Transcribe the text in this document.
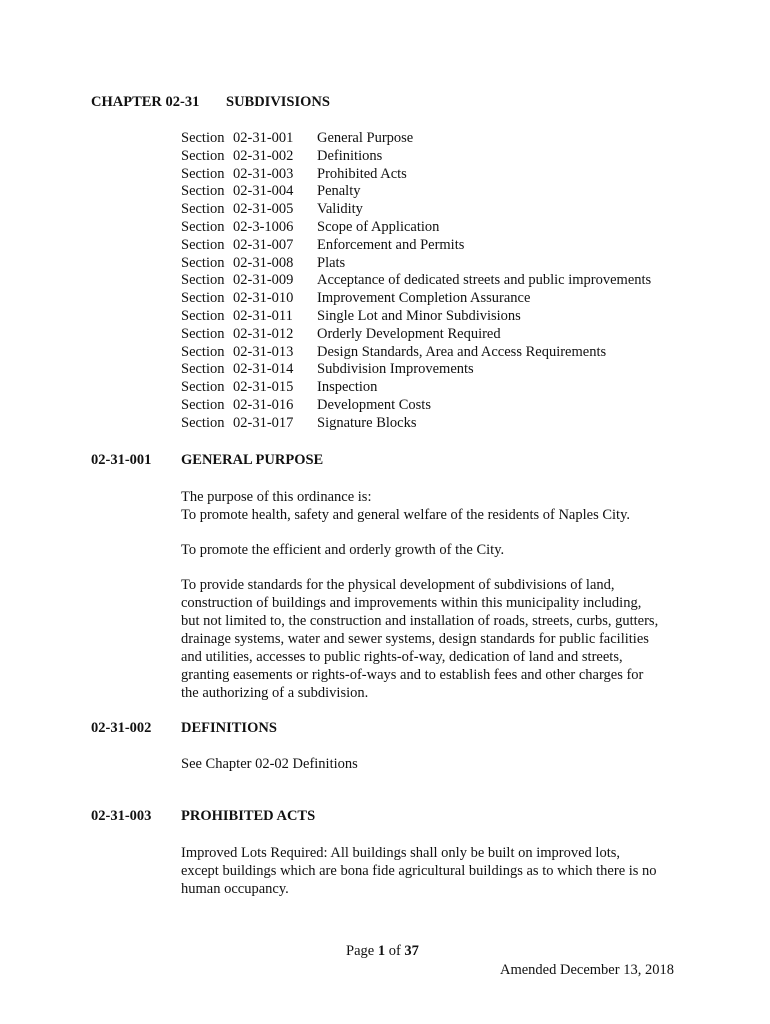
CHAPTER 02-31 SUBDIVISIONS
Section 02-31-001	General Purpose
Section 02-31-002	Definitions
Section 02-31-003	Prohibited Acts
Section 02-31-004	Penalty
Section 02-31-005	Validity
Section 02-3-1006	Scope of Application
Section 02-31-007	Enforcement and Permits
Section 02-31-008	Plats
Section 02-31-009	Acceptance of dedicated streets and public improvements
Section 02-31-010	Improvement Completion Assurance
Section 02-31-011	Single Lot and Minor Subdivisions
Section 02-31-012	Orderly Development Required
Section 02-31-013	Design Standards, Area and Access Requirements
Section 02-31-014	Subdivision Improvements
Section 02-31-015	Inspection
Section 02-31-016	Development Costs
Section 02-31-017	Signature Blocks
02-31-001 GENERAL PURPOSE
The purpose of this ordinance is:
To promote health, safety and general welfare of the residents of Naples City.
To promote the efficient and orderly growth of the City.
To provide standards for the physical development of subdivisions of land,
construction of buildings and improvements within this municipality including,
but not limited to, the construction and installation of roads, streets, curbs, gutters,
drainage systems, water and sewer systems, design standards for public facilities
and utilities, accesses to public rights-of-way, dedication of land and streets,
granting easements or rights-of-ways and to establish fees and other charges for
the authorizing of a subdivision.
02-31-002 DEFINITIONS
See Chapter 02-02 Definitions
02-31-003 PROHIBITED ACTS
Improved Lots Required: All buildings shall only be built on improved lots,
except buildings which are bona fide agricultural buildings as to which there is no
human occupancy.
Page 1 of 37
Amended December 13, 2018
